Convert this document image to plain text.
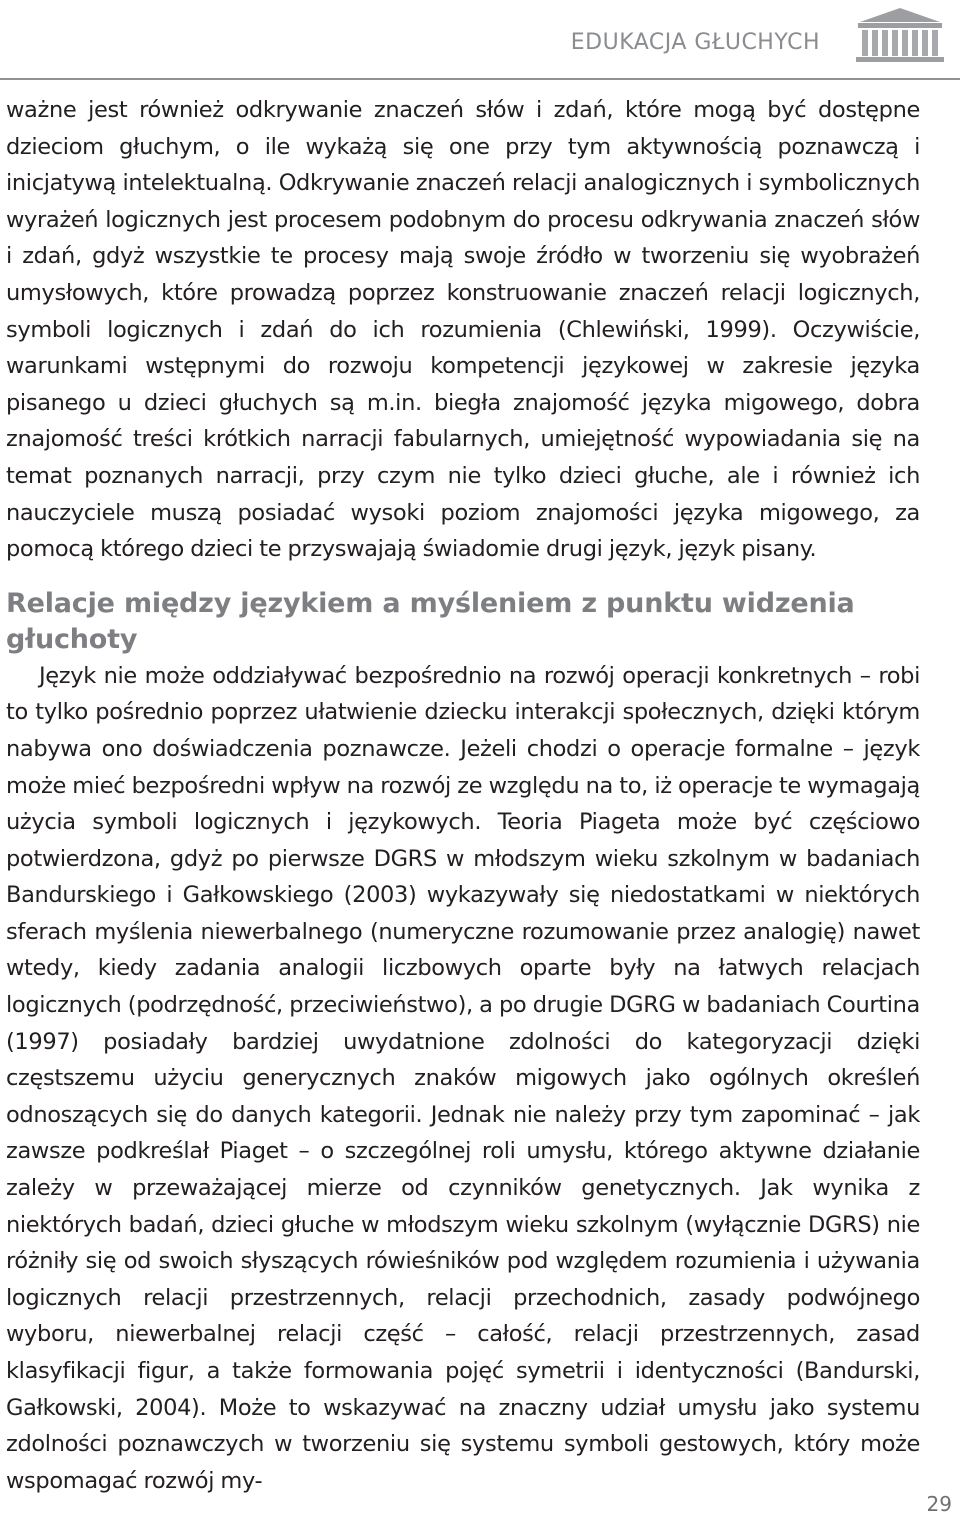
EDUKACJA GŁUCHYCH

ważne jest również odkrywanie znaczeń słów i zdań, które mogą być dostępne dzieciom głuchym, o ile wykażą się one przy tym aktywnością poznawczą i inicjatywą intelektualną. Odkrywanie znaczeń relacji analogicznych i symbolicznych wyrażeń logicznych jest procesem podobnym do procesu odkrywania znaczeń słów i zdań, gdyż wszystkie te procesy mają swoje źródło w tworzeniu się wyobrażeń umysłowych, które prowadzą poprzez konstruowanie znaczeń relacji logicznych, symboli logicznych i zdań do ich rozumienia (Chlewiński, 1999). Oczywiście, warunkami wstępnymi do rozwoju kompetencji językowej w zakresie języka pisanego u dzieci głuchych są m.in. biegła znajomość języka migowego, dobra znajomość treści krótkich narracji fabularnych, umiejętność wypowiadania się na temat poznanych narracji, przy czym nie tylko dzieci głuche, ale i również ich nauczyciele muszą posiadać wysoki poziom znajomości języka migowego, za pomocą którego dzieci te przyswajają świadomie drugi język, język pisany.

Relacje między językiem a myśleniem z punktu widzenia głuchoty

Język nie może oddziaływać bezpośrednio na rozwój operacji konkretnych – robi to tylko pośrednio poprzez ułatwienie dziecku interakcji społecznych, dzięki którym nabywa ono doświadczenia poznawcze. Jeżeli chodzi o operacje formalne – język może mieć bezpośredni wpływ na rozwój ze względu na to, iż operacje te wymagają użycia symboli logicznych i językowych. Teoria Piageta może być częściowo potwierdzona, gdyż po pierwsze DGRS w młodszym wieku szkolnym w badaniach Bandurskiego i Gałkowskiego (2003) wykazywały się niedostatkami w niektórych sferach myślenia niewerbalnego (numeryczne rozumowanie przez analogię) nawet wtedy, kiedy zadania analogii liczbowych oparte były na łatwych relacjach logicznych (podrzędność, przeciwieństwo), a po drugie DGRG w badaniach Courtina (1997) posiadały bardziej uwydatnione zdolności do kategoryzacji dzięki częstszemu użyciu generycznych znaków migowych jako ogólnych określeń odnoszących się do danych kategorii. Jednak nie należy przy tym zapominać – jak zawsze podkreślał Piaget – o szczególnej roli umysłu, którego aktywne działanie zależy w przeważającej mierze od czynników genetycznych. Jak wynika z niektórych badań, dzieci głuche w młodszym wieku szkolnym (wyłącznie DGRS) nie różniły się od swoich słyszących rówieśników pod względem rozumienia i używania logicznych relacji przestrzennych, relacji przechodnich, zasady podwójnego wyboru, niewerbalnej relacji część – całość, relacji przestrzennych, zasad klasyfikacji figur, a także formowania pojęć symetrii i identyczności (Bandurski, Gałkowski, 2004). Może to wskazywać na znaczny udział umysłu jako systemu zdolności poznawczych w tworzeniu się systemu symboli gestowych, który może wspomagać rozwój my-

29
